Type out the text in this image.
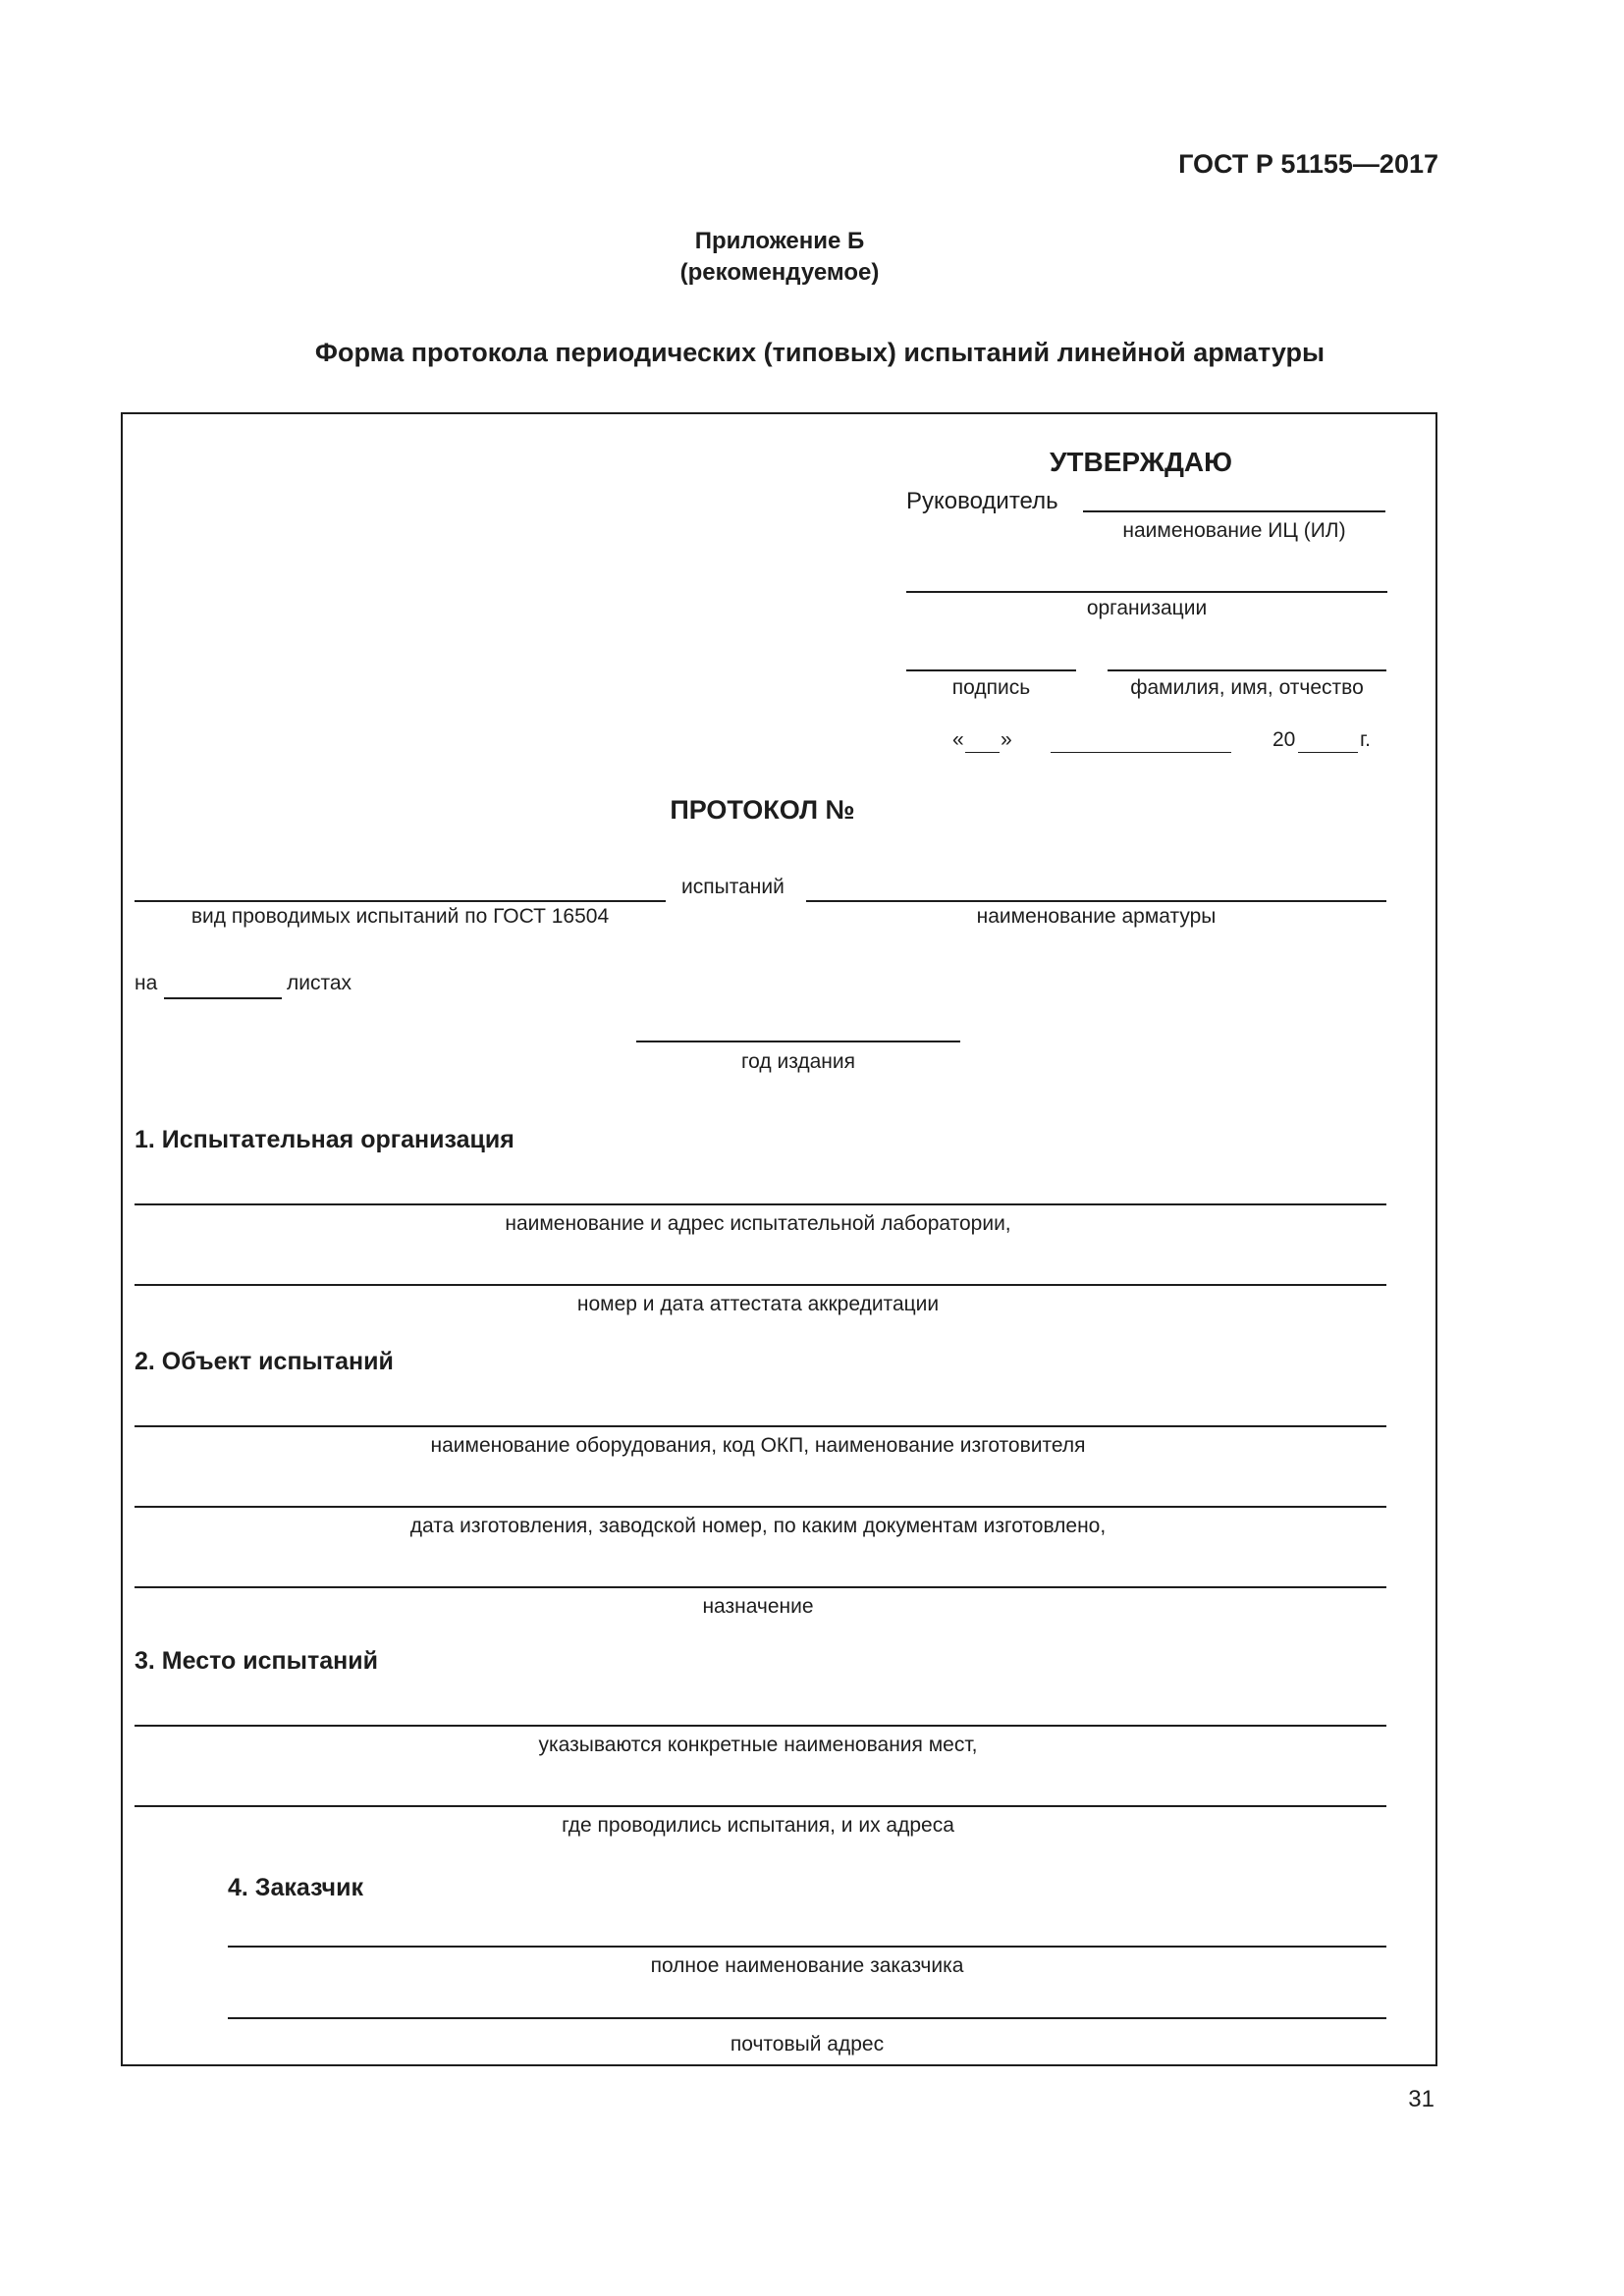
ГОСТ Р 51155—2017
Приложение Б
(рекомендуемое)
Форма протокола периодических (типовых) испытаний линейной арматуры
УТВЕРЖДАЮ
Руководитель
наименование ИЦ (ИЛ)
организации
подпись	фамилия, имя, отчество
« »	20	г.
ПРОТОКОЛ №
вид проводимых испытаний по ГОСТ 16504
испытаний
наименование арматуры
на	листах
год издания
1. Испытательная организация
наименование и адрес испытательной лаборатории,
номер и дата аттестата аккредитации
2. Объект испытаний
наименование оборудования, код ОКП, наименование изготовителя
дата изготовления, заводской номер, по каким документам изготовлено,
назначение
3. Место испытаний
указываются конкретные наименования мест,
где проводились испытания, и их адреса
4. Заказчик
полное наименование заказчика
почтовый адрес
31
